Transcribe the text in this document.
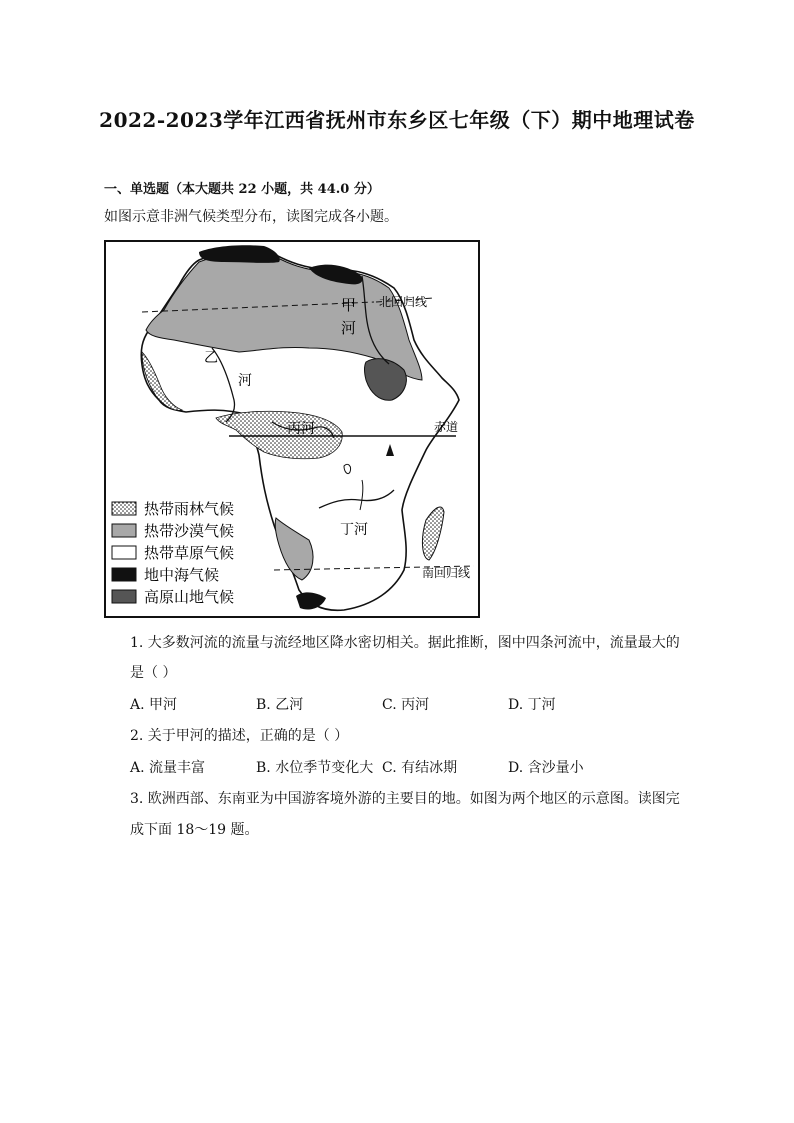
2022-2023学年江西省抚州市东乡区七年级（下）期中地理试卷
一、单选题（本大题共 22 小题，共 44.0 分）
如图示意非洲气候类型分布，读图完成各小题。
甲
河
乙
河
丙河
丁河
北回归线
赤道
南回归线
热带雨林气候
热带沙漠气候
热带草原气候
地中海气候
高原山地气候
1. 大多数河流的流量与流经地区降水密切相关。据此推断，图中四条河流中，流量最大的
是（ ）
A. 甲河	B. 乙河	C. 丙河	D. 丁河
2. 关于甲河的描述，正确的是（ ）
A. 流量丰富	B. 水位季节变化大 C. 有结冰期	D. 含沙量小
3. 欧洲西部、东南亚为中国游客境外游的主要目的地。如图为两个地区的示意图。读图完
成下面 18～19 题。
